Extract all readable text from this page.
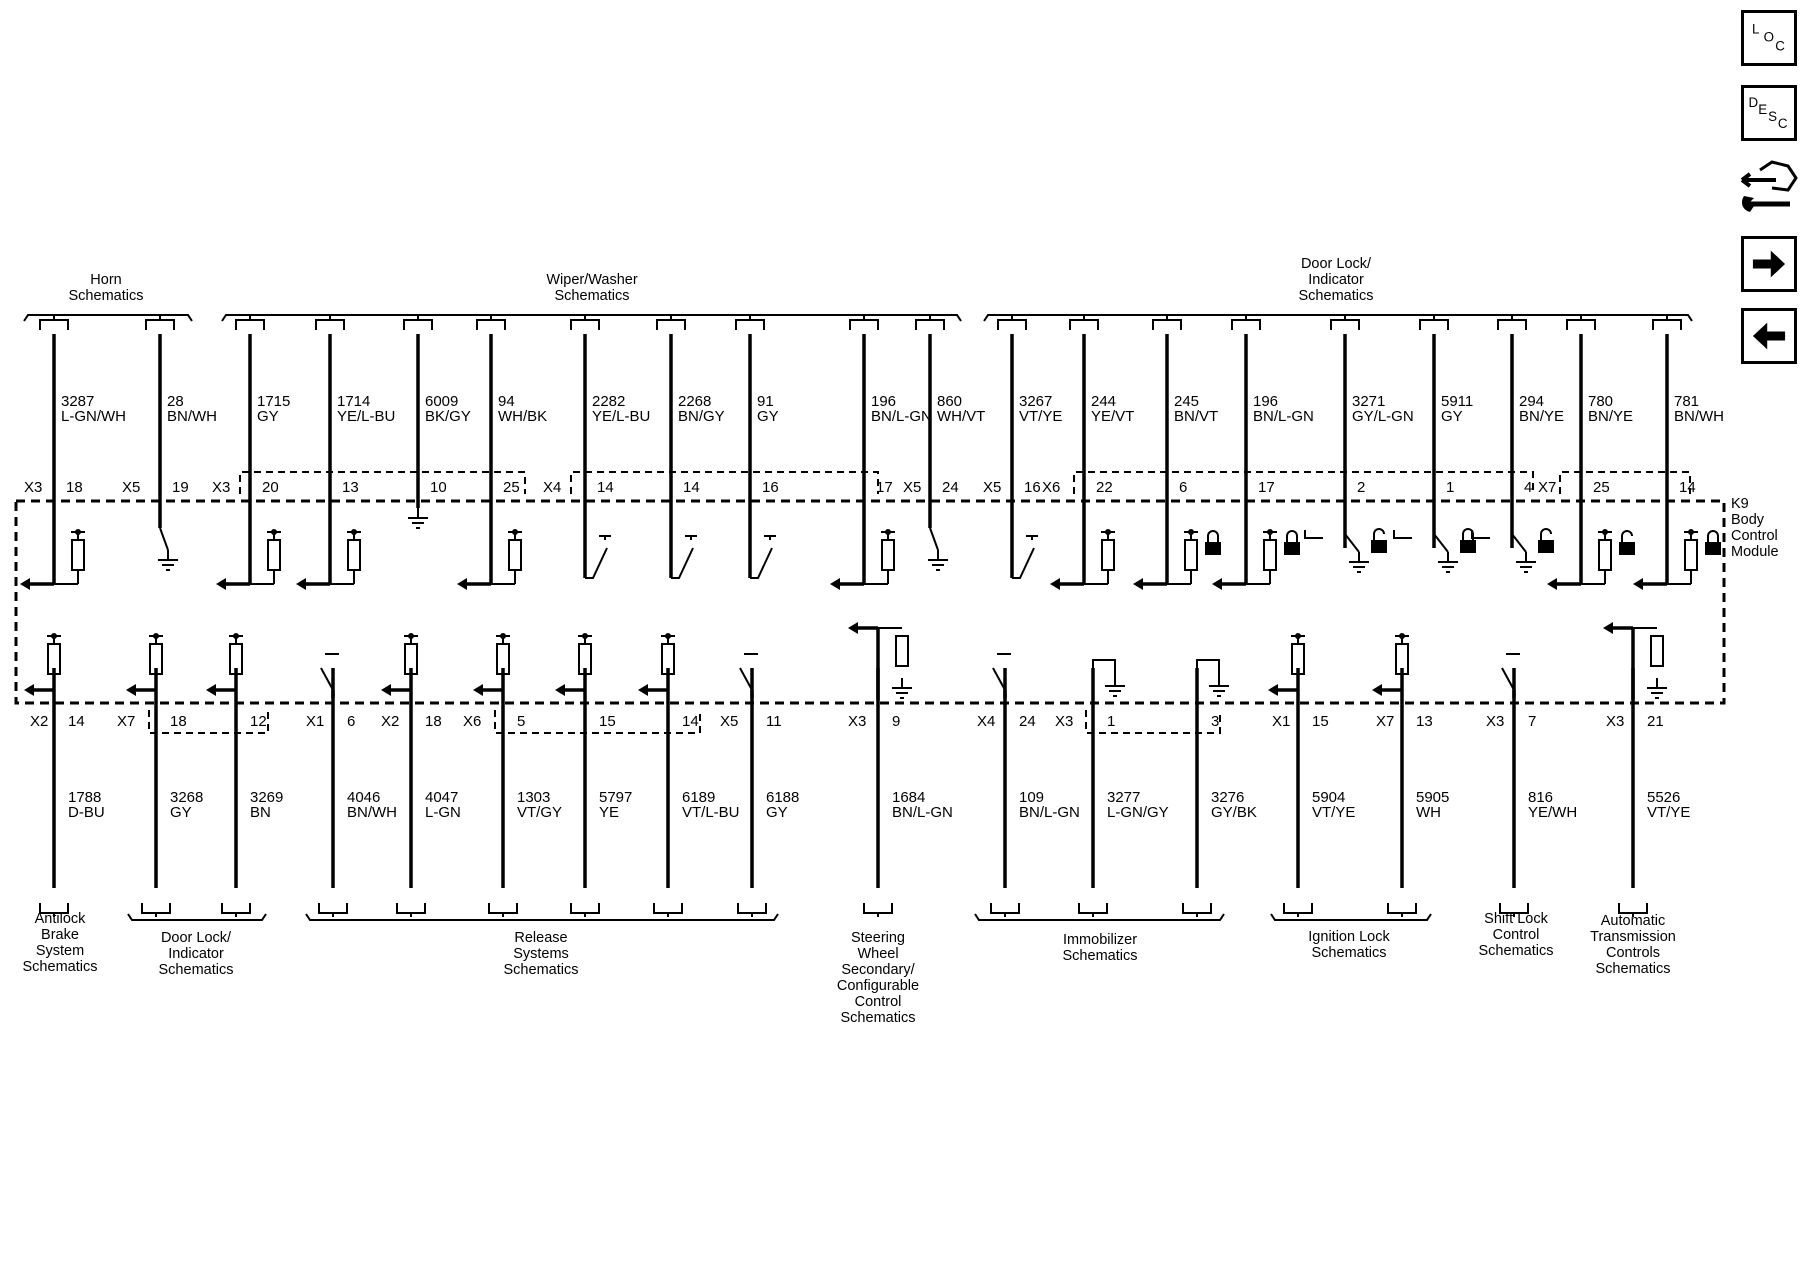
Horn
Schematics
Wiper/Washer
Schematics
Door Lock/
Indicator
Schematics
Antilock
Brake
System
Schematics
Door Lock/
Indicator
Schematics
Release
Systems
Schematics
Steering
Wheel
Secondary/
Configurable
Control
Schematics
Immobilizer
Schematics
Ignition Lock
Schematics
Shift Lock
Control
Schematics
Automatic
Transmission
Controls
Schematics
3287
L-GN/WH
18
28
BN/WH
19
1715
GY
20
1714
YE/L-BU
13
6009
BK/GY
10
94
WH/BK
25
2282
YE/L-BU
14
2268
BN/GY
14
91
GY
16
196
BN/L-GN
17
860
WH/VT
24
3267
VT/YE
16
244
YE/VT
22
245
BN/VT
6
196
BN/L-GN
17
3271
GY/L-GN
2
5911
GY
1
294
BN/YE
4
780
BN/YE
25
781
BN/WH
14
1788
D-BU
14
3268
GY
18
3269
BN
12
4046
BN/WH
6
4047
L-GN
18
1303
VT/GY
5
5797
YE
15
6189
VT/L-BU
14
6188
GY
11
1684
BN/L-GN
9
109
BN/L-GN
24
3277
L-GN/GY
1
3276
GY/BK
3
5904
VT/YE
15
5905
WH
13
816
YE/WH
7
5526
VT/YE
21
X3	X5	X3	X4	X5	X5	X6	X7
X2	X7	X1	X2	X6	X5	X3	X4	X3	X1	X7	X3	X3
K9
Body
Control
Module
L
O
C
D E S C
